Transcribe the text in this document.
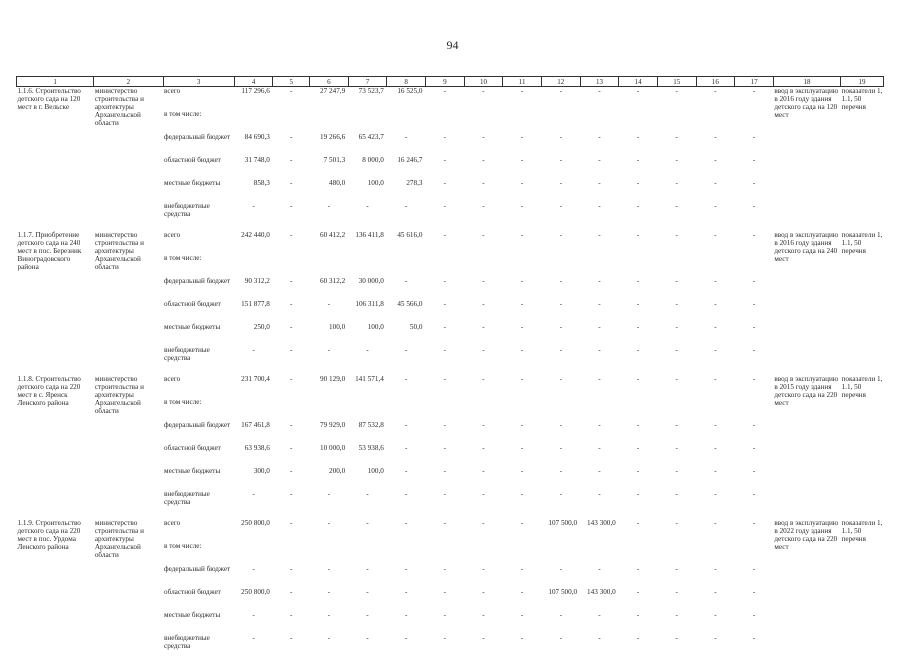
94
1	2	3	4	5	6	7	8	9	10	11	12	13	14	15	16	17	18	19
1.1.6. Строительство детского сада на 120 мест в г. Вельске	министерство строительства и архитектуры Архангельской области	всего	117 296,6	-	27 247,9	73 523,7	16 525,0	-	-	-	-	-	-	-	-	-	ввод в эксплуатацию в 2016 году здания детского сада на 120 мест	показатели 1, 1.1, 50 перечня
		в том числе:																
		федеральный бюджет	84 690,3	-	19 266,6	65 423,7	-	-	-	-	-	-	-	-	-	-		
		областной бюджет	31 748,0	-	7 501,3	8 000,0	16 246,7	-	-	-	-	-	-	-	-	-		
		местные бюджеты	858,3	-	480,0	100,0	278,3	-	-	-	-	-	-	-	-	-		
		внебюджетные средства	-	-	-	-	-	-	-	-	-	-	-	-	-	-		

1.1.7. Приобретение детского сада на 240 мест в пос. Березник Виноградовского района	министерство строительства и архитектуры Архангельской области	всего	242 440,0	-	60 412,2	136 411,8	45 616,0	-	-	-	-	-	-	-	-	-	ввод в эксплуатацию в 2016 году здания детского сада на 240 мест	показатели 1, 1.1, 50 перечня
		в том числе:																
		федеральный бюджет	90 312,2	-	60 312,2	30 000,0	-	-	-	-	-	-	-	-	-	-		
		областной бюджет	151 877,8	-	-	106 311,8	45 566,0	-	-	-	-	-	-	-	-	-		
		местные бюджеты	250,0	-	100,0	100,0	50,0	-	-	-	-	-	-	-	-	-		
		внебюджетные средства	-	-	-	-	-	-	-	-	-	-	-	-	-	-		

1.1.8. Строительство детского сада на 220 мест в с. Яренск Ленского района	министерство строительства и архитектуры Архангельской области	всего	231 700,4	-	90 129,0	141 571,4	-	-	-	-	-	-	-	-	-	-	ввод в эксплуатацию в 2015 году здания детского сада на 220 мест	показатели 1, 1.1, 50 перечня
		в том числе:																
		федеральный бюджет	167 461,8	-	79 929,0	87 532,8	-	-	-	-	-	-	-	-	-	-		
		областной бюджет	63 938,6	-	10 000,0	53 938,6	-	-	-	-	-	-	-	-	-	-		
		местные бюджеты	300,0	-	200,0	100,0	-	-	-	-	-	-	-	-	-	-		
		внебюджетные средства	-	-	-	-	-	-	-	-	-	-	-	-	-	-		

1.1.9. Строительство детского сада на 220 мест в пос. Урдома Ленского района	министерство строительства и архитектуры Архангельской области	всего	250 800,0	-	-	-	-	-	-	-	107 500,0	143 300,0	-	-	-	-	ввод в эксплуатацию в 2022 году здания детского сада на 220 мест	показатели 1, 1.1, 50 перечня
		в том числе:																
		федеральный бюджет	-	-	-	-	-	-	-	-	-	-	-	-	-	-		
		областной бюджет	250 800,0	-	-	-	-	-	-	-	107 500,0	143 300,0	-	-	-	-		
		местные бюджеты	-	-	-	-	-	-	-	-	-	-	-	-	-	-		
		внебюджетные средства	-	-	-	-	-	-	-	-	-	-	-	-	-	-		
